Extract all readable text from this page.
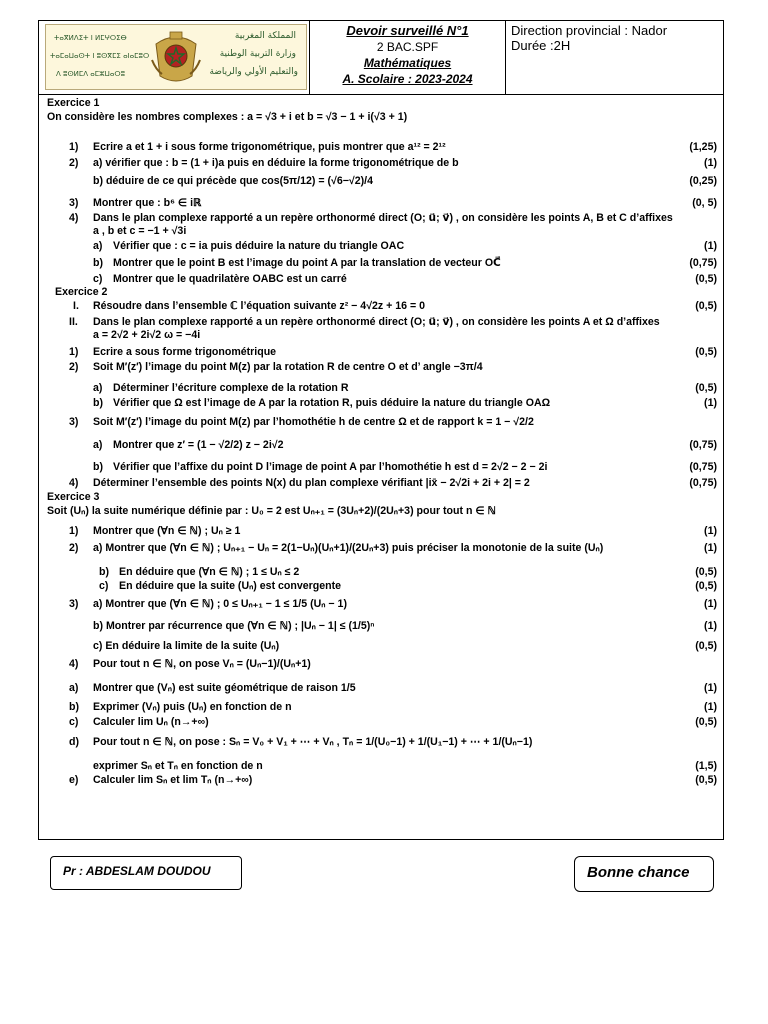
ⵜⴰⴳⵍⴷⵉⵜ ⵏ ⵍⵎⵖⵔⵉⴱ
ⵜⴰⵎⴰⵡⴰⵙⵜ ⵏ ⵓⵙⴳⵎⵉ ⴰⵏⴰⵎⵓⵔ
ⴷ ⵓⵙⵍⵎⴷ ⴰⵎⵣⵡⴰⵔⵓ
المملكة المغربية
وزارة التربية الوطنية
والتعليم الأولي والرياضة
Devoir surveillé N°1
2 BAC.SPF
Mathématiques
A. Scolaire : 2023-2024
Direction provincial : Nador
Durée :2H
Exercice 1
On considère les nombres complexes : a = √3 + i et b = √3 − 1 + i(√3 + 1)
1) Ecrire a et 1 + i sous forme trigonométrique, puis montrer que a¹² = 2¹²	(1,25)
2) a) vérifier que : b = (1 + i)a puis en déduire la forme trigonométrique de b	(1)
b) déduire de ce qui précède que cos(5π/12) = (√6−√2)/4	(0,25)
3) Montrer que : b⁶ ∈ iℝ	(0, 5)
4) Dans le plan complexe rapporté a un repère orthonormé direct (O; u⃗; v⃗) , on considère les points A, B et C d’affixes
a , b et c = −1 + √3i
a) Vérifier que : c = ia puis déduire la nature du triangle OAC	(1)
b) Montrer que le point B est l’image du point A par la translation de vecteur OC⃗	(0,75)
c) Montrer que le quadrilatère OABC est un carré	(0,5)
Exercice 2
I. Résoudre dans l’ensemble ℂ l’équation suivante z² − 4√2z + 16 = 0	(0,5)
II. Dans le plan complexe rapporté a un repère orthonormé direct (O; u⃗; v⃗) , on considère les points A et Ω d’affixes
a = 2√2 + 2i√2 ω = −4i
1) Ecrire a sous forme trigonométrique	(0,5)
2) Soit M′(z′) l’image du point M(z) par la rotation R de centre O et d’ angle −3π/4
a) Déterminer l’écriture complexe de la rotation R	(0,5)
b) Vérifier que Ω est l’image de A par la rotation R, puis déduire la nature du triangle OAΩ	(1)
3) Soit M′(z′) l’image du point M(z) par l’homothétie h de centre Ω et de rapport k = 1 − √2/2
a) Montrer que z′ = (1 − √2/2) z − 2i√2	(0,75)
b) Vérifier que l’affixe du point D l’image de point A par l’homothétie h est d = 2√2 − 2 − 2i	(0,75)
4) Déterminer l’ensemble des points N(x) du plan complexe vérifiant |ix̄ − 2√2i + 2i + 2| = 2	(0,75)
Exercice 3
Soit (Uₙ) la suite numérique définie par : U₀ = 2 est Uₙ₊₁ = (3Uₙ+2)/(2Uₙ+3) pour tout n ∈ ℕ
1) Montrer que (∀n ∈ ℕ) ; Uₙ ≥ 1	(1)
2) a) Montrer que (∀n ∈ ℕ) ; Uₙ₊₁ − Uₙ = 2(1−Uₙ)(Uₙ+1)/(2Uₙ+3) puis préciser la monotonie de la suite (Uₙ)	(1)
b) En déduire que (∀n ∈ ℕ) ; 1 ≤ Uₙ ≤ 2	(0,5)
c) En déduire que la suite (Uₙ) est convergente	(0,5)
3) a) Montrer que (∀n ∈ ℕ) ; 0 ≤ Uₙ₊₁ − 1 ≤ 1/5 (Uₙ − 1)	(1)
b) Montrer par récurrence que (∀n ∈ ℕ) ; |Uₙ − 1| ≤ (1/5)ⁿ	(1)
c) En déduire la limite de la suite (Uₙ)	(0,5)
4) Pour tout n ∈ ℕ, on pose Vₙ = (Uₙ−1)/(Uₙ+1)
a) Montrer que (Vₙ) est suite géométrique de raison 1/5	(1)
b) Exprimer (Vₙ) puis (Uₙ) en fonction de n	(1)
c) Calculer lim Uₙ (n→+∞)	(0,5)
d) Pour tout n ∈ ℕ, on pose : Sₙ = V₀ + V₁ + ⋯ + Vₙ , Tₙ = 1/(U₀−1) + 1/(U₁−1) + ⋯ + 1/(Uₙ−1)
exprimer Sₙ et Tₙ en fonction de n	(1,5)
e) Calculer lim Sₙ et lim Tₙ (n→+∞)	(0,5)
Pr : ABDESLAM DOUDOU	Bonne chance
